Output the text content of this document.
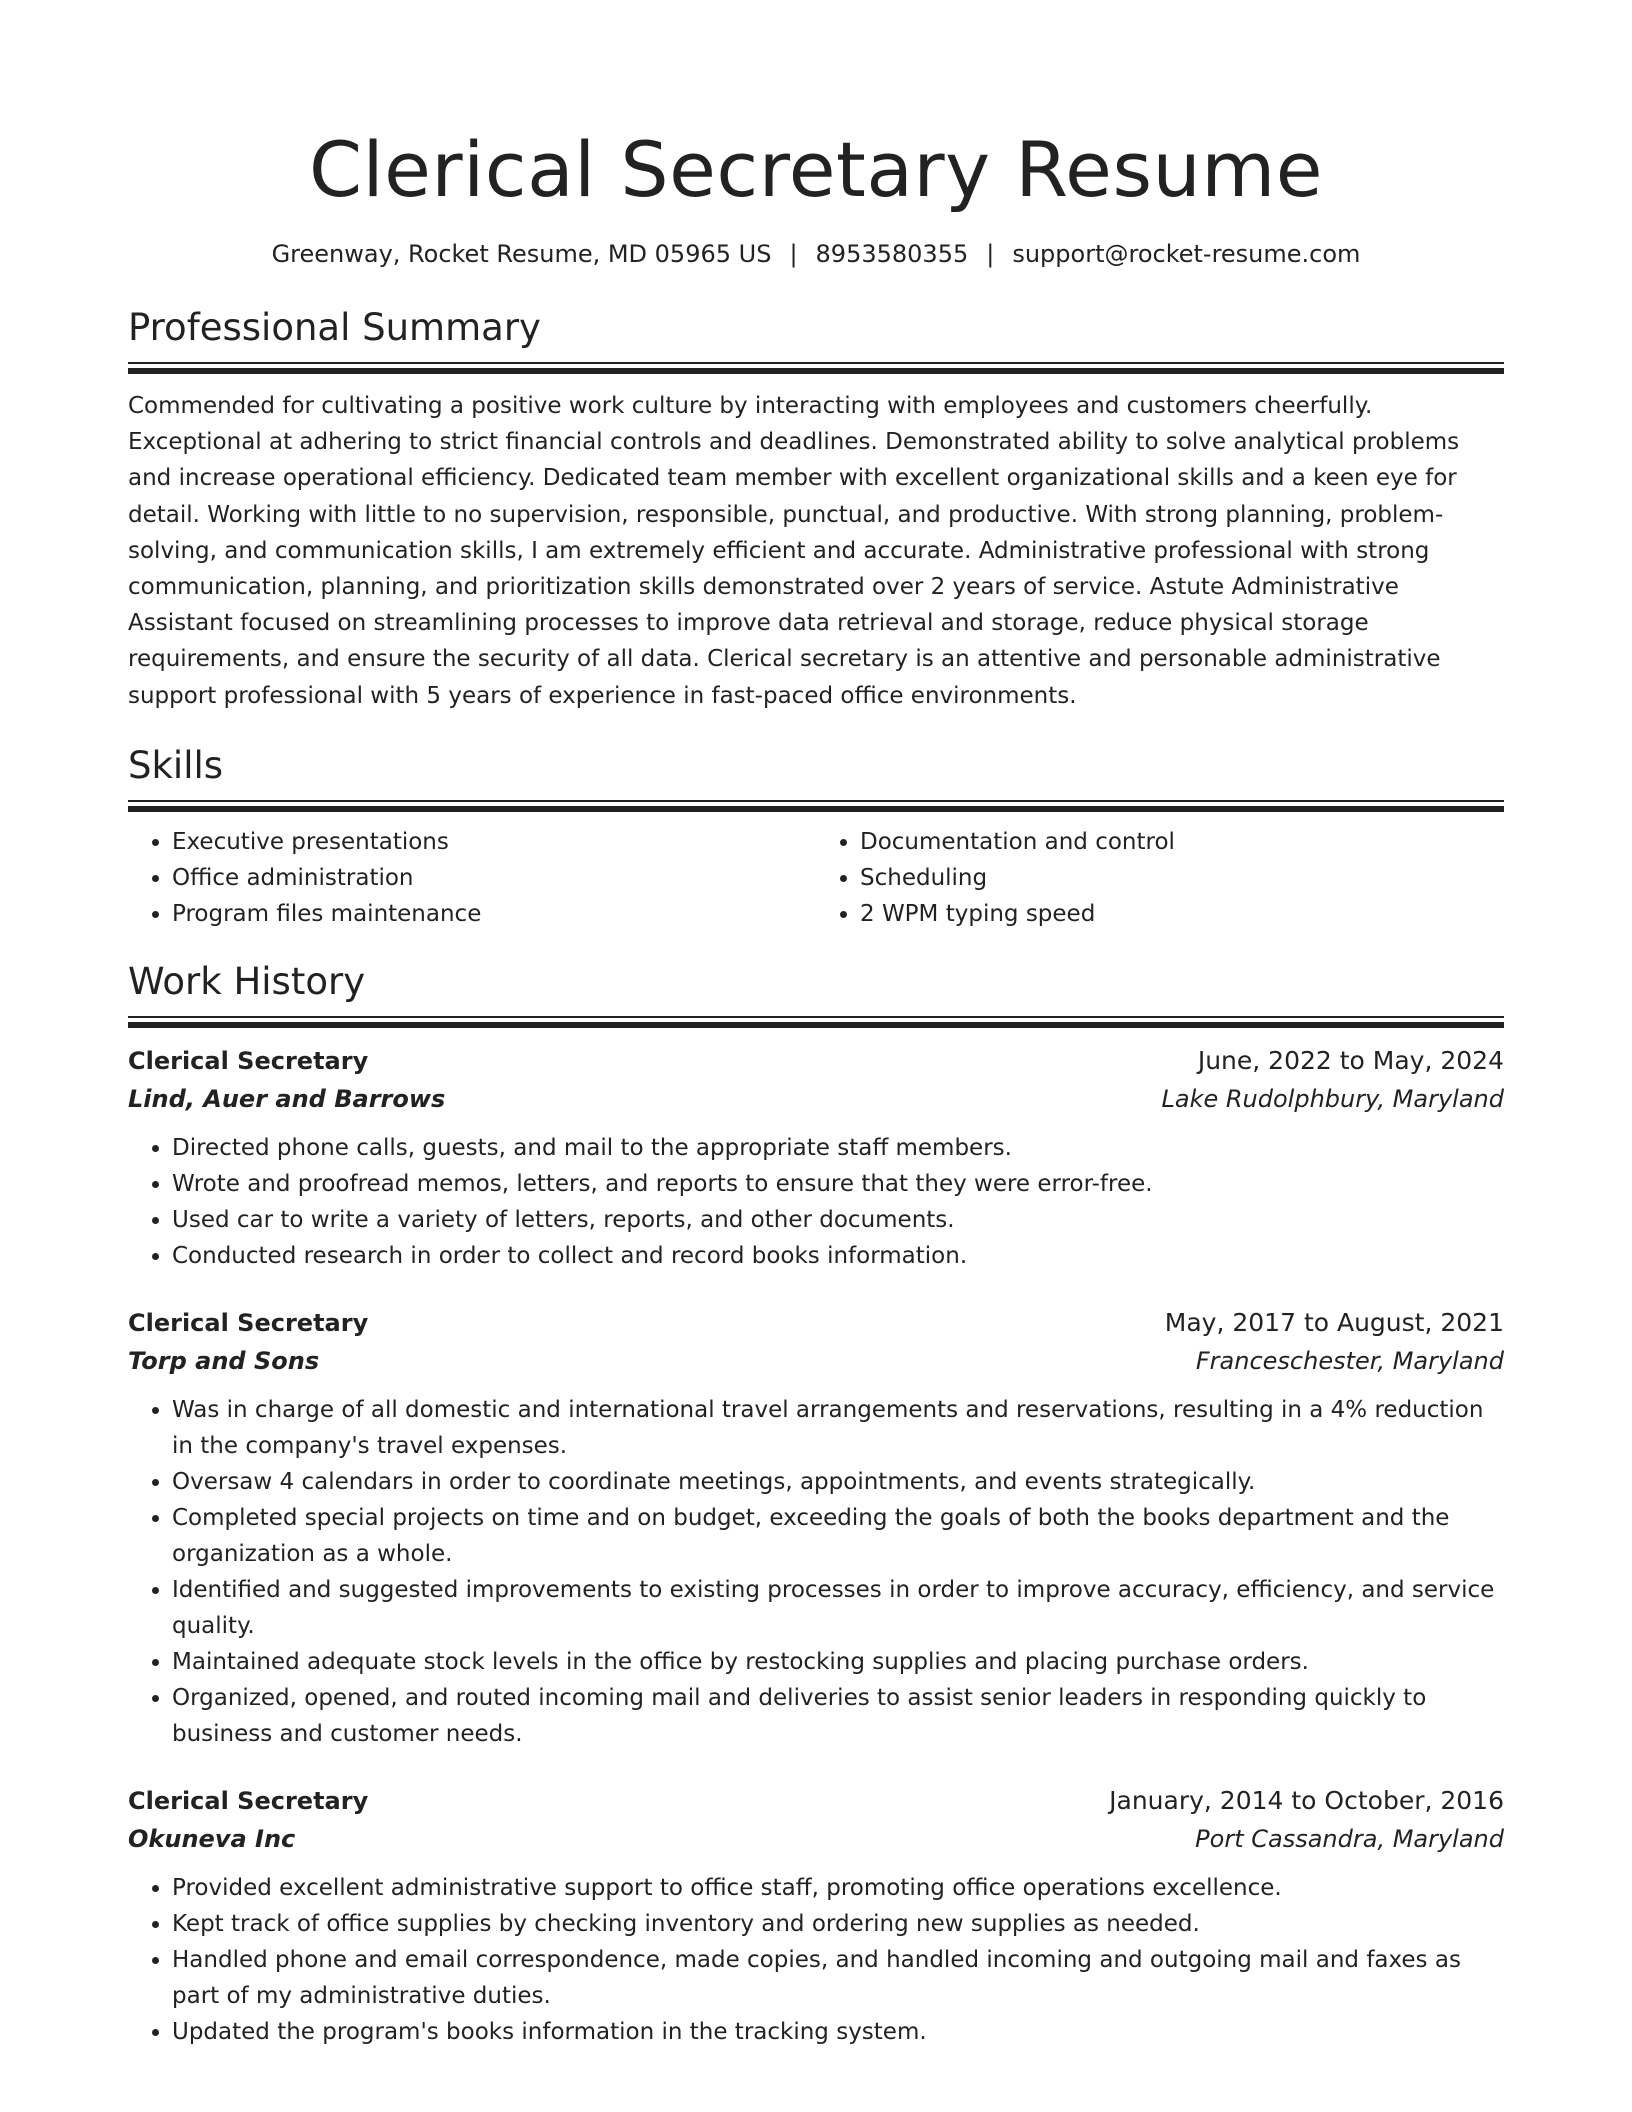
Clerical Secretary Resume
Greenway, Rocket Resume, MD 05965 US | 8953580355 | support@rocket-resume.com
Professional Summary

Commended for cultivating a positive work culture by interacting with employees and customers cheerfully. Exceptional at adhering to strict financial controls and deadlines. Demonstrated ability to solve analytical problems and increase operational efficiency. Dedicated team member with excellent organizational skills and a keen eye for detail. Working with little to no supervision, responsible, punctual, and productive. With strong planning, problem-solving, and communication skills, I am extremely efficient and accurate. Administrative professional with strong communication, planning, and prioritization skills demonstrated over 2 years of service. Astute Administrative Assistant focused on streamlining processes to improve data retrieval and storage, reduce physical storage requirements, and ensure the security of all data. Clerical secretary is an attentive and personable administrative support professional with 5 years of experience in fast-paced office environments.

Skills
• Executive presentations
• Office administration
• Program files maintenance
• Documentation and control
• Scheduling
• 2 WPM typing speed
Work History
Clerical Secretary	June, 2022 to May, 2024
Lind, Auer and Barrows	Lake Rudolphbury, Maryland
• Directed phone calls, guests, and mail to the appropriate staff members.
• Wrote and proofread memos, letters, and reports to ensure that they were error-free.
• Used car to write a variety of letters, reports, and other documents.
• Conducted research in order to collect and record books information.
Clerical Secretary	May, 2017 to August, 2021
Torp and Sons	Franceschester, Maryland
• Was in charge of all domestic and international travel arrangements and reservations, resulting in a 4% reduction in the company's travel expenses.
• Oversaw 4 calendars in order to coordinate meetings, appointments, and events strategically.
• Completed special projects on time and on budget, exceeding the goals of both the books department and the organization as a whole.
• Identified and suggested improvements to existing processes in order to improve accuracy, efficiency, and service quality.
• Maintained adequate stock levels in the office by restocking supplies and placing purchase orders.
• Organized, opened, and routed incoming mail and deliveries to assist senior leaders in responding quickly to business and customer needs.
Clerical Secretary	January, 2014 to October, 2016
Okuneva Inc	Port Cassandra, Maryland
• Provided excellent administrative support to office staff, promoting office operations excellence.
• Kept track of office supplies by checking inventory and ordering new supplies as needed.
• Handled phone and email correspondence, made copies, and handled incoming and outgoing mail and faxes as part of my administrative duties.
• Updated the program's books information in the tracking system.
